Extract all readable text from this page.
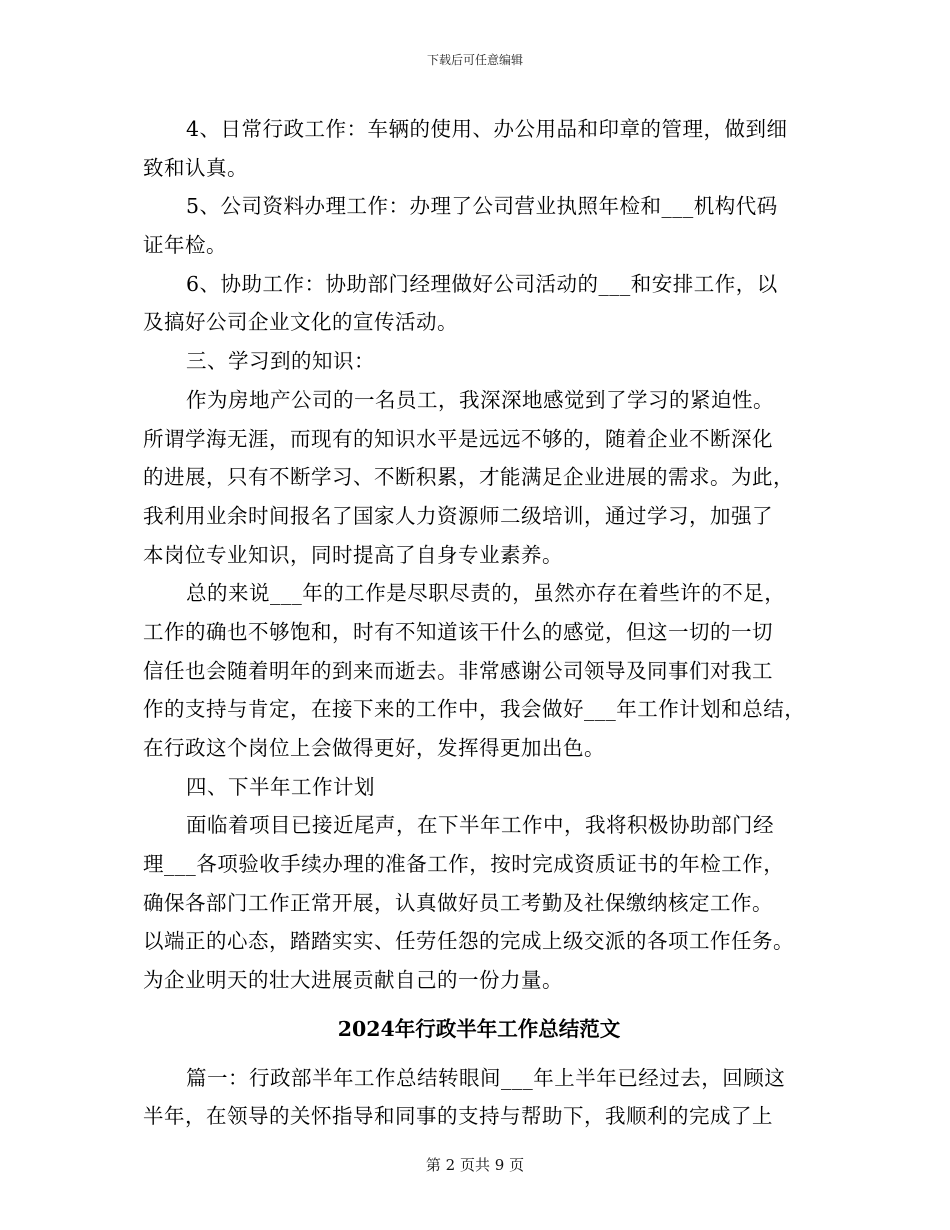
下载后可任意编辑
4、日常行政工作：车辆的使用、办公用品和印章的管理，做到细
致和认真。
5、公司资料办理工作：办理了公司营业执照年检和___机构代码
证年检。
6、协助工作：协助部门经理做好公司活动的___和安排工作，以
及搞好公司企业文化的宣传活动。
三、学习到的知识：
作为房地产公司的一名员工，我深深地感觉到了学习的紧迫性。
所谓学海无涯，而现有的知识水平是远远不够的，随着企业不断深化
的进展，只有不断学习、不断积累，才能满足企业进展的需求。为此，
我利用业余时间报名了国家人力资源师二级培训，通过学习，加强了
本岗位专业知识，同时提高了自身专业素养。
总的来说___年的工作是尽职尽责的，虽然亦存在着些许的不足，
工作的确也不够饱和，时有不知道该干什么的感觉，但这一切的一切
信任也会随着明年的到来而逝去。非常感谢公司领导及同事们对我工
作的支持与肯定，在接下来的工作中，我会做好___年工作计划和总结，
在行政这个岗位上会做得更好，发挥得更加出色。
四、下半年工作计划
面临着项目已接近尾声，在下半年工作中，我将积极协助部门经
理___各项验收手续办理的准备工作，按时完成资质证书的年检工作，
确保各部门工作正常开展，认真做好员工考勤及社保缴纳核定工作。
以端正的心态，踏踏实实、任劳任怨的完成上级交派的各项工作任务。
为企业明天的壮大进展贡献自己的一份力量。
2024年行政半年工作总结范文
篇一：行政部半年工作总结转眼间___年上半年已经过去，回顾这
半年，在领导的关怀指导和同事的支持与帮助下，我顺利的完成了上
第 2 页共 9 页
